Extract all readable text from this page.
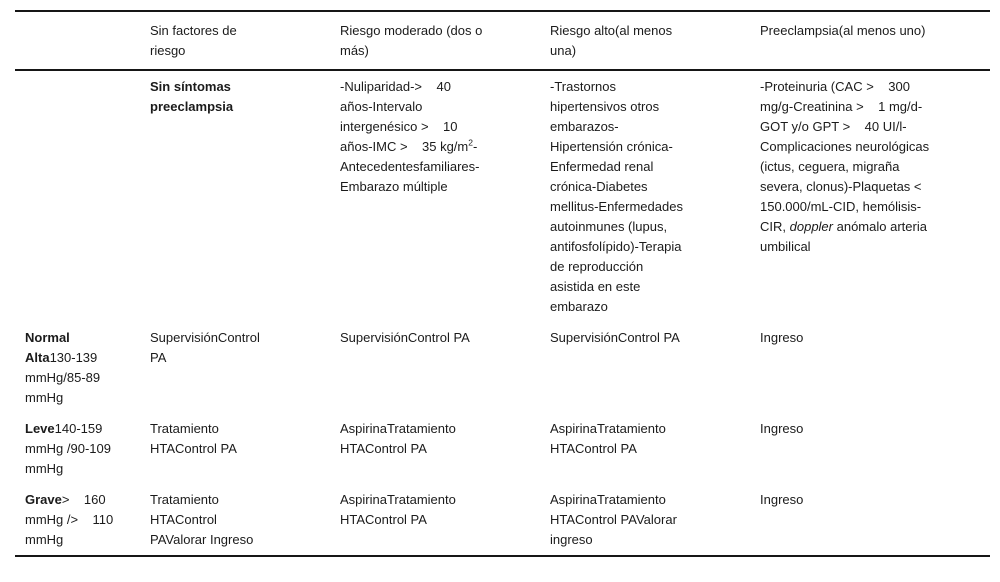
	Sin factores de riesgo	Riesgo moderado (dos o más)	Riesgo alto(al menos una)	Preeclampsia(al menos uno)
	Sin síntomas preeclampsia	-Nuliparidad->    40 años-Intervalo intergenésico >    10 años-IMC >    35 $kg/m^2-Antecedentesfamiliares$-Embarazo múltiple	-Trastornos hipertensivos otros embarazos-Hipertensión crónica-Enfermedad renal crónica-Diabetes mellitus-Enfermedades autoinmunes (lupus, antifosfolípido)-Terapia de reproducción asistida en este embarazo	-Proteinuria (CAC >    300 mg/g-Creatinina >    1 mg/d-GOT y/o GPT >    40 UI/l-Complicaciones neurológicas (ictus, ceguera, migraña severa, clonus)-Plaquetas <    150.000/mL-CID, hemólisis-CIR, doppler anómalo arteria umbilical
Normal Alta130-139 mmHg/85-89 mmHg	SupervisiónControl PA	SupervisiónControl PA	SupervisiónControl PA	Ingreso
Leve140-159 mmHg /90-109 mmHg	Tratamiento HTAControl PA	AspirinaTratamiento HTAControl PA	AspirinaTratamiento HTAControl PA	Ingreso
Grave>    160 mmHg />    110 mmHg	Tratamiento HTAControl PAValorar Ingreso	AspirinaTratamiento HTAControl PA	AspirinaTratamiento HTAControl PAValorar ingreso	Ingreso
